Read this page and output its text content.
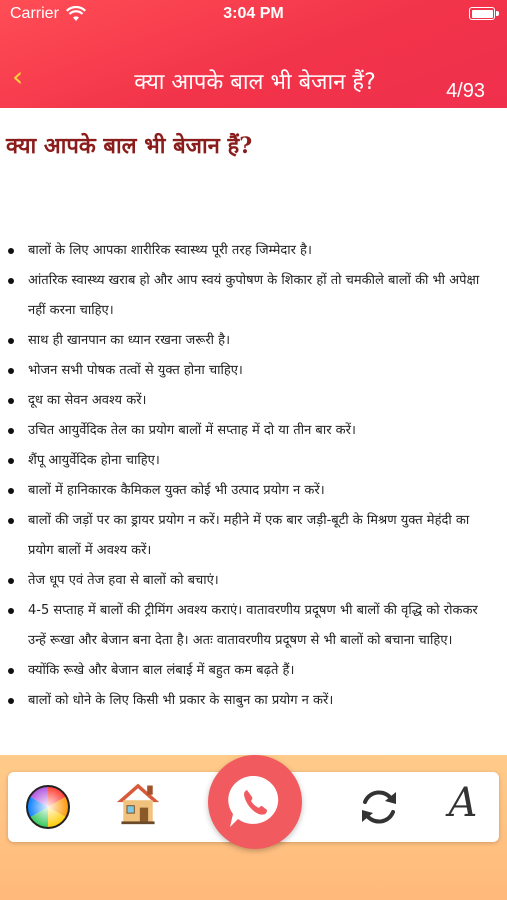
Carrier	3:04 PM
‹	क्या आपके बाल भी बेजान हैं?	4/93
क्या आपके बाल भी बेजान हैं?
बालों के लिए आपका शारीरिक स्वास्थ्य पूरी तरह जिम्मेदार है।
आंतरिक स्वास्थ्य खराब हो और आप स्वयं कुपोषण के शिकार हों तो चमकीले बालों की भी अपेक्षा नहीं करना चाहिए।
साथ ही खानपान का ध्यान रखना जरूरी है।
भोजन सभी पोषक तत्वों से युक्त होना चाहिए।
दूध का सेवन अवश्य करें।
उचित आयुर्वेदिक तेल का प्रयोग बालों में सप्ताह में दो या तीन बार करें।
शैंपू आयुर्वेदिक होना चाहिए।
बालों में हानिकारक कैमिकल युक्त कोई भी उत्पाद प्रयोग न करें।
बालों की जड़ों पर का ड्रायर प्रयोग न करें। महीने में एक बार जड़ी-बूटी के मिश्रण युक्त मेहंदी का प्रयोग बालों में अवश्य करें।
तेज धूप एवं तेज हवा से बालों को बचाएं।
4-5 सप्ताह में बालों की ट्रीमिंग अवश्य कराएं। वातावरणीय प्रदूषण भी बालों की वृद्धि को रोककर उन्हें रूखा और बेजान बना देता है। अतः वातावरणीय प्रदूषण से भी बालों को बचाना चाहिए।
क्योंकि रूखे और बेजान बाल लंबाई में बहुत कम बढ़ते हैं।
बालों को धोने के लिए किसी भी प्रकार के साबुन का प्रयोग न करें।
A
